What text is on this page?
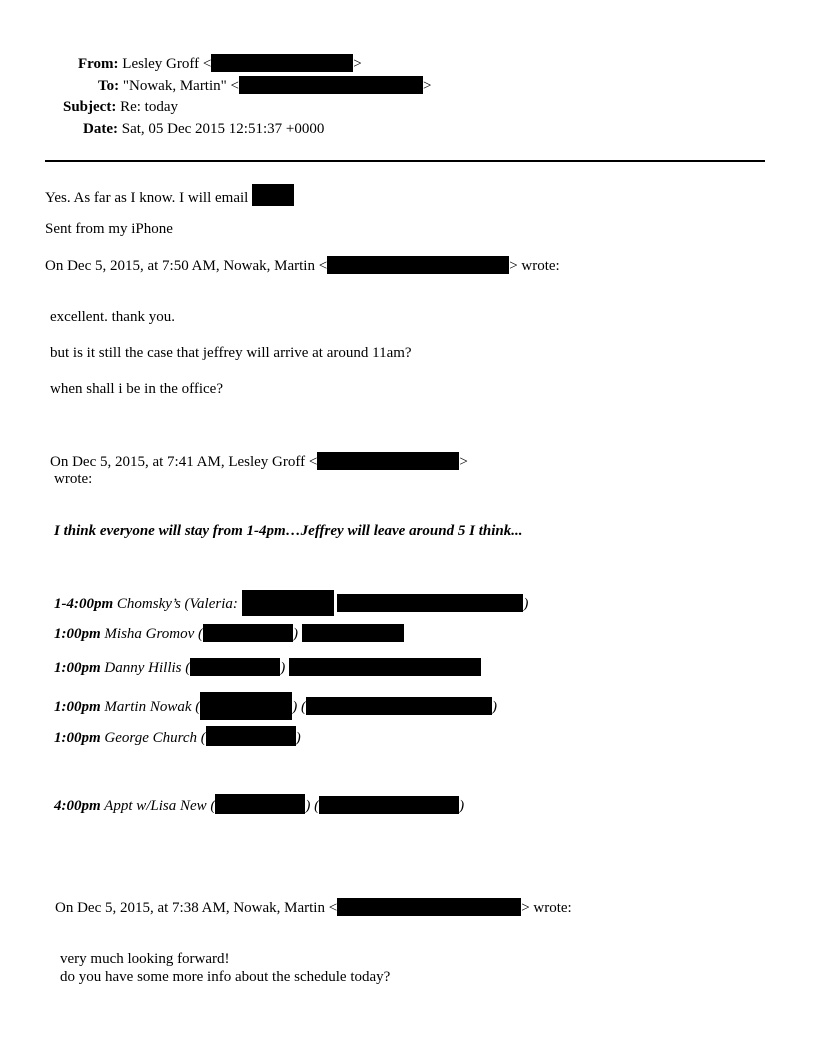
From: Lesley Groff <	>
To: "Nowak, Martin" <	>
Subject: Re: today
Date: Sat, 05 Dec 2015 12:51:37 +0000
Yes. As far as I know. I will email
Sent from my iPhone
On Dec 5, 2015, at 7:50 AM, Nowak, Martin <	> wrote:
excellent. thank you.
but is it still the case that jeffrey will arrive at around 11am?
when shall i be in the office?
On Dec 5, 2015, at 7:41 AM, Lesley Groff <	>
wrote:
I think everyone will stay from 1-4pm…Jeffrey will leave around 5 I think...
1-4:00pm Chomsky’s (Valeria:	)
1:00pm Misha Gromov (	)
1:00pm Danny Hillis (	)
1:00pm Martin Nowak (	) (	)
1:00pm George Church (	)
4:00pm Appt w/Lisa New (	) (	)
On Dec 5, 2015, at 7:38 AM, Nowak, Martin <	> wrote:
very much looking forward!
do you have some more info about the schedule today?
